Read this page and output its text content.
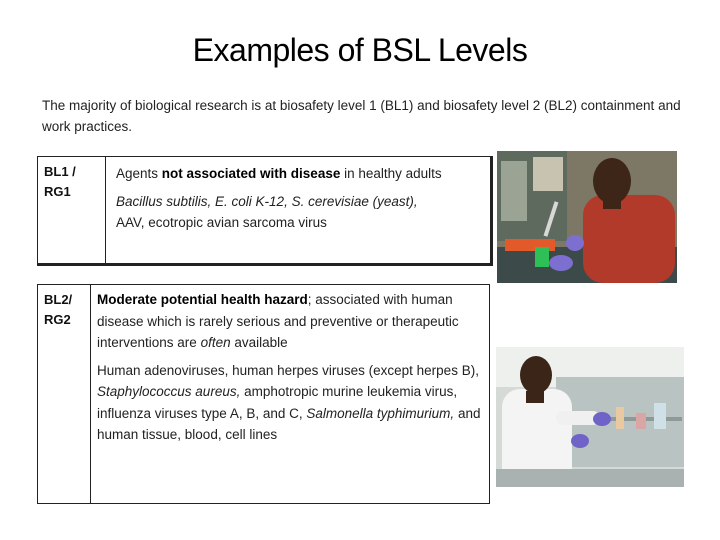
Examples of BSL Levels
The majority of biological research is at biosafety level 1 (BL1) and biosafety level 2 (BL2) containment and work practices.
BL1 /
RG1

Agents not associated with disease in healthy adults

Bacillus subtilis, E. coli K-12, S. cerevisiae (yeast),
AAV, ecotropic avian sarcoma virus

BL2/
RG2

Moderate potential health hazard; associated with human disease which is rarely serious and preventive or therapeutic interventions are often available

Human adenoviruses, human herpes viruses (except herpes B), Staphylococcus aureus, amphotropic murine leukemia virus, influenza viruses type A, B, and C, Salmonella typhimurium, and human tissue, blood, cell lines
